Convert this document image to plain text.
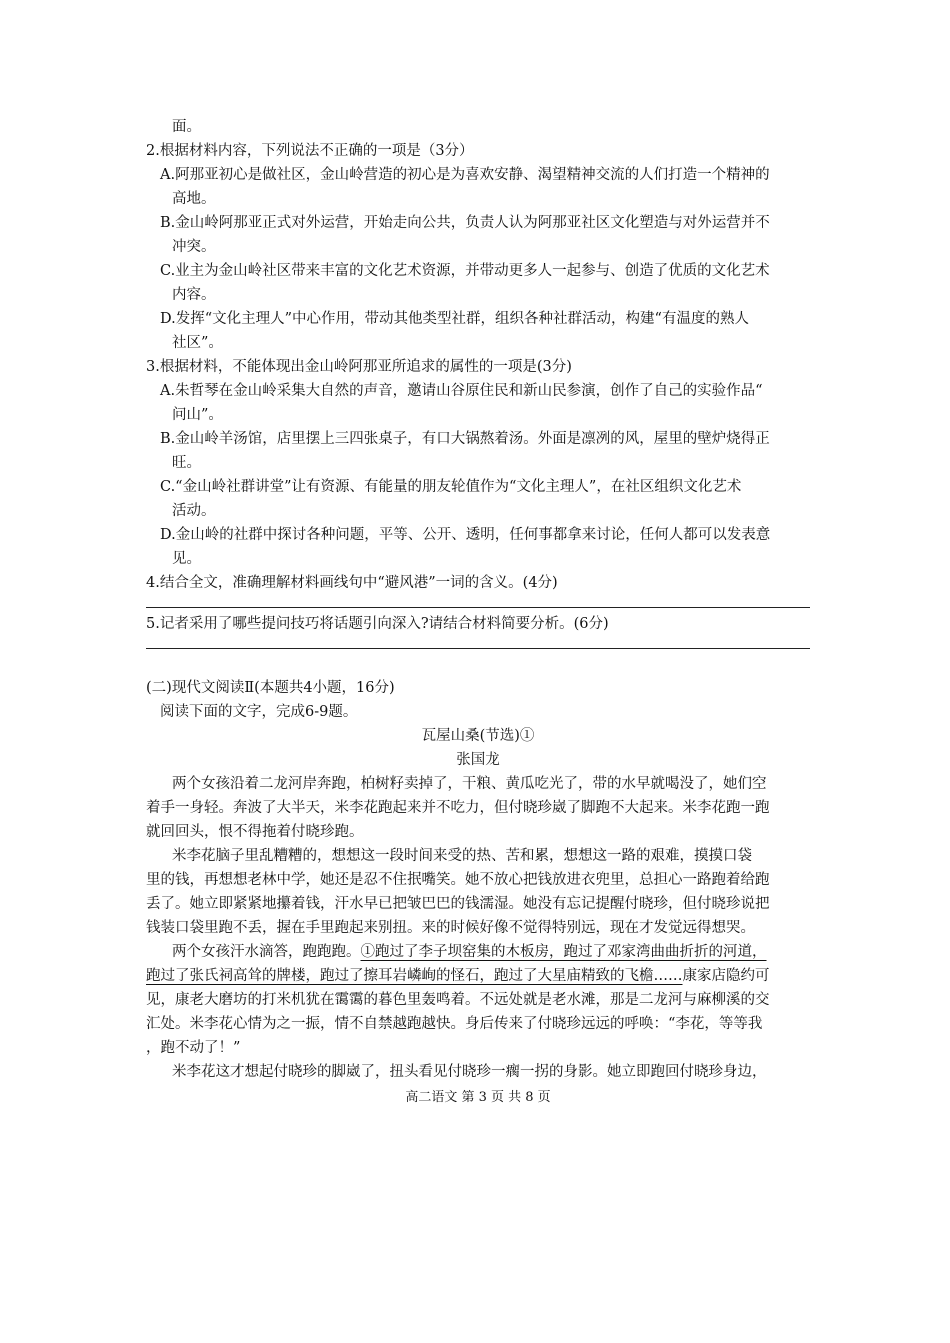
面。
2.根据材料内容，下列说法不正确的一项是（3分）
A.阿那亚初心是做社区，金山岭营造的初心是为喜欢安静、渴望精神交流的人们打造一个精神的
高地。
B.金山岭阿那亚正式对外运营，开始走向公共，负责人认为阿那亚社区文化塑造与对外运营并不
冲突。
C.业主为金山岭社区带来丰富的文化艺术资源，并带动更多人一起参与、创造了优质的文化艺术
内容。
D.发挥“文化主理人”中心作用，带动其他类型社群，组织各种社群活动，构建“有温度的熟人
社区”。
3.根据材料，不能体现出金山岭阿那亚所追求的属性的一项是(3分)
A.朱哲琴在金山岭采集大自然的声音，邀请山谷原住民和新山民参演，创作了自己的实验作品“
问山”。
B.金山岭羊汤馆，店里摆上三四张桌子，有口大锅熬着汤。外面是凛冽的风，屋里的壁炉烧得正
旺。
C.“金山岭社群讲堂”让有资源、有能量的朋友轮值作为“文化主理人”，在社区组织文化艺术
活动。
D.金山岭的社群中探讨各种问题，平等、公开、透明，任何事都拿来讨论，任何人都可以发表意
见。
4.结合全文，准确理解材料画线句中“避风港”一词的含义。(4分)
5.记者采用了哪些提问技巧将话题引向深入?请结合材料简要分析。(6分)
(二)现代文阅读Ⅱ(本题共4小题，16分)
阅读下面的文字，完成6-9题。
瓦屋山桑(节选)①
张国龙
两个女孩沿着二龙河岸奔跑，柏树籽卖掉了，干粮、黄瓜吃光了，带的水早就喝没了，她们空
着手一身轻。奔波了大半天，米李花跑起来并不吃力，但付晓珍崴了脚跑不大起来。米李花跑一跑
就回回头，恨不得拖着付晓珍跑。
米李花脑子里乱糟糟的，想想这一段时间来受的热、苦和累，想想这一路的艰难，摸摸口袋
里的钱，再想想老林中学，她还是忍不住抿嘴笑。她不放心把钱放进衣兜里，总担心一路跑着给跑
丢了。她立即紧紧地攥着钱，汗水早已把皱巴巴的钱濡湿。她没有忘记提醒付晓珍，但付晓珍说把
钱装口袋里跑不丢，握在手里跑起来别扭。来的时候好像不觉得特别远，现在才发觉远得想哭。
两个女孩汗水滴答，跑跑跑。①跑过了李子坝窑集的木板房，跑过了邓家湾曲曲折折的河道，
跑过了张氏祠高耸的牌楼，跑过了擦耳岩嶙峋的怪石，跑过了大星庙精致的飞檐……康家店隐约可
见，康老大磨坊的打米机犹在霭霭的暮色里轰鸣着。不远处就是老水滩，那是二龙河与麻柳溪的交
汇处。米李花心情为之一振，情不自禁越跑越快。身后传来了付晓珍远远的呼唤：“李花，等等我
，跑不动了！”
米李花这才想起付晓珍的脚崴了，扭头看见付晓珍一瘸一拐的身影。她立即跑回付晓珍身边，
高二语文 第 3 页 共 8 页
